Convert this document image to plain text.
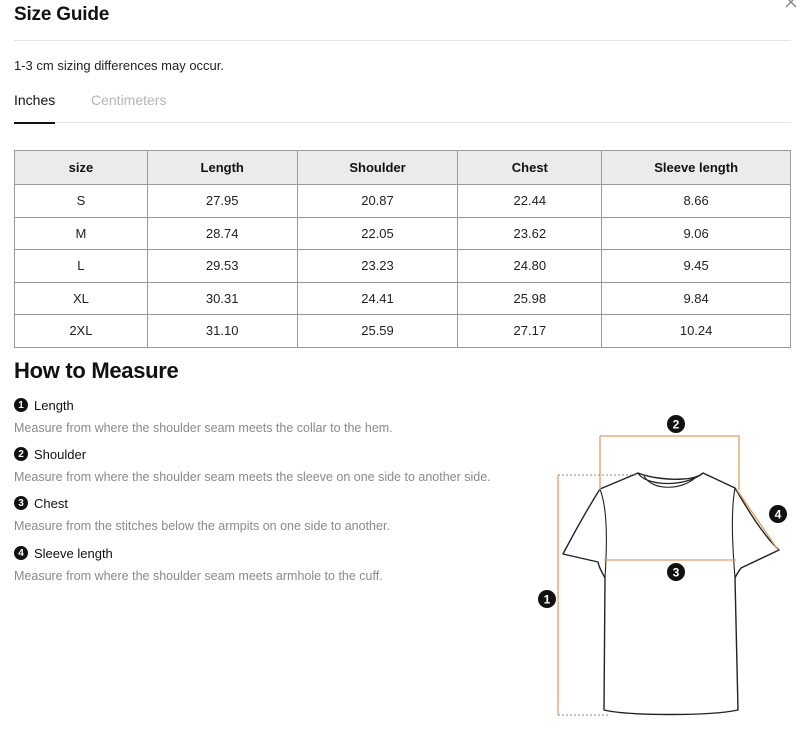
Size Guide
1-3 cm sizing differences may occur.
Inches	Centimeters
size	Length	Shoulder	Chest	Sleeve length
S	27.95	20.87	22.44	8.66
M	28.74	22.05	23.62	9.06
L	29.53	23.23	24.80	9.45
XL	30.31	24.41	25.98	9.84
2XL	31.10	25.59	27.17	10.24
How to Measure
1 Length
Measure from where the shoulder seam meets the collar to the hem.
2 Shoulder
Measure from where the shoulder seam meets the sleeve on one side to another side.
3 Chest
Measure from the stitches below the armpits on one side to another.
4 Sleeve length
Measure from where the shoulder seam meets armhole to the cuff.
1
2
3
4
